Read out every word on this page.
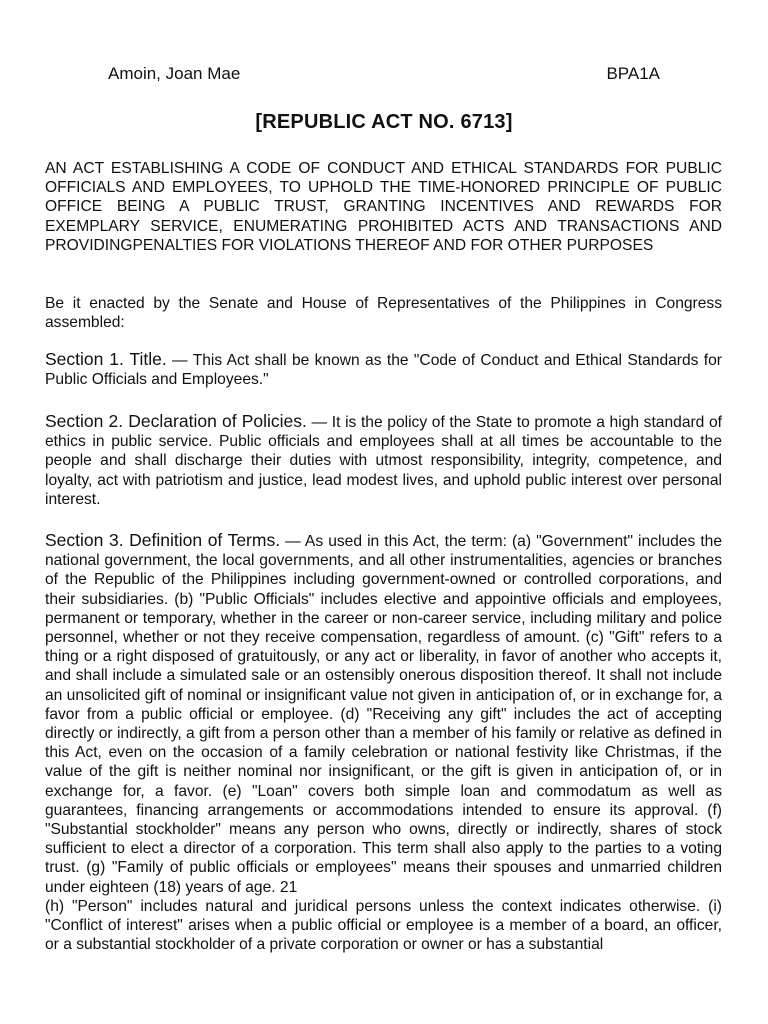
Amoin, Joan Mae	BPA1A
[REPUBLIC ACT NO. 6713]

AN ACT ESTABLISHING A CODE OF CONDUCT AND ETHICAL STANDARDS FOR PUBLIC OFFICIALS AND EMPLOYEES, TO UPHOLD THE TIME-HONORED PRINCIPLE OF PUBLIC OFFICE BEING A PUBLIC TRUST, GRANTING INCENTIVES AND REWARDS FOR EXEMPLARY SERVICE, ENUMERATING PROHIBITED ACTS AND TRANSACTIONS AND PROVIDINGPENALTIES FOR VIOLATIONS THEREOF AND FOR OTHER PURPOSES

Be it enacted by the Senate and House of Representatives of the Philippines in Congress assembled:

Section 1. Title. — This Act shall be known as the "Code of Conduct and Ethical Standards for Public Officials and Employees."

Section 2. Declaration of Policies. — It is the policy of the State to promote a high standard of ethics in public service. Public officials and employees shall at all times be accountable to the people and shall discharge their duties with utmost responsibility, integrity, competence, and loyalty, act with patriotism and justice, lead modest lives, and uphold public interest over personal interest.

Section 3. Definition of Terms. — As used in this Act, the term: (a) "Government" includes the national government, the local governments, and all other instrumentalities, agencies or branches of the Republic of the Philippines including government-owned or controlled corporations, and their subsidiaries. (b) "Public Officials" includes elective and appointive officials and employees, permanent or temporary, whether in the career or non-career service, including military and police personnel, whether or not they receive compensation, regardless of amount. (c) "Gift" refers to a thing or a right disposed of gratuitously, or any act or liberality, in favor of another who accepts it, and shall include a simulated sale or an ostensibly onerous disposition thereof. It shall not include an unsolicited gift of nominal or insignificant value not given in anticipation of, or in exchange for, a favor from a public official or employee. (d) "Receiving any gift" includes the act of accepting directly or indirectly, a gift from a person other than a member of his family or relative as defined in this Act, even on the occasion of a family celebration or national festivity like Christmas, if the value of the gift is neither nominal nor insignificant, or the gift is given in anticipation of, or in exchange for, a favor. (e) "Loan" covers both simple loan and commodatum as well as guarantees, financing arrangements or accommodations intended to ensure its approval. (f) "Substantial stockholder" means any person who owns, directly or indirectly, shares of stock sufficient to elect a director of a corporation. This term shall also apply to the parties to a voting trust. (g) "Family of public officials or employees" means their spouses and unmarried children under eighteen (18) years of age. 21

(h) "Person" includes natural and juridical persons unless the context indicates otherwise. (i) "Conflict of interest" arises when a public official or employee is a member of a board, an officer, or a substantial stockholder of a private corporation or owner or has a substantial
